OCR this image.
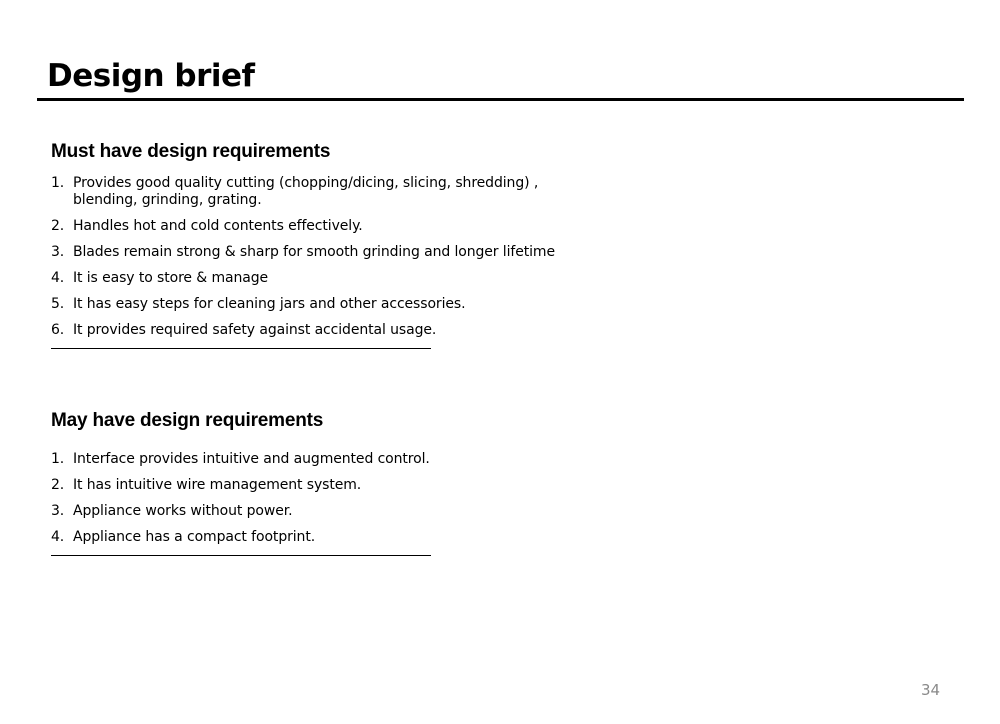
Design brief
Must have design requirements
1. Provides good quality cutting (chopping/dicing, slicing, shredding) , blending, grinding, grating.
2. Handles hot and cold contents effectively.
3. Blades remain strong & sharp for smooth grinding and longer lifetime
4. It is easy to store & manage
5. It has easy steps for cleaning jars and other accessories.
6. It provides required safety against accidental usage.
May have design requirements
1. Interface provides intuitive and augmented control.
2. It has intuitive wire management system.
3. Appliance works without power.
4. Appliance has a compact footprint.
34
